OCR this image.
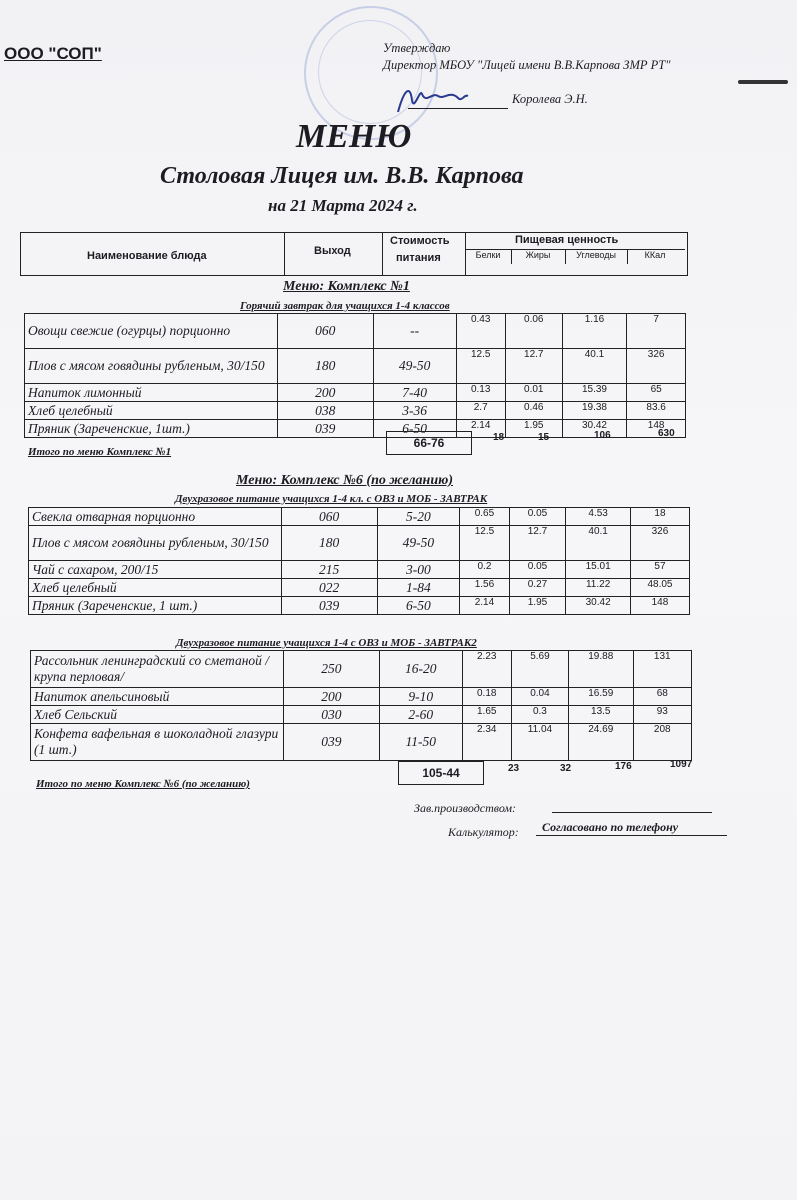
ООО "СОП"	Утверждаю
Директор МБОУ "Лицей имени В.В.Карпова ЗМР РТ"
Королева Э.Н.
МЕНЮ
Столовая Лицея им. В.В. Карпова
на 21 Марта 2024 г.
Наименование блюда	Выход
Стоимость
питания
Пищевая ценность
Белки	Жиры	Углеводы	ККал
Меню: Комплекс №1
Горячий завтрак для учащихся 1-4 классов
Овощи свежие (огурцы) порционно	060	--	0.43	0.06	1.16	7
Плов с мясом говядины рубленым, 30/150	180	49-50	12.5	12.7	40.1	326
Напиток лимонный	200	7-40	0.13	0.01	15.39	65
Хлеб целебный	038	3-36	2.7	0.46	19.38	83.6
Пряник (Зареченские, 1шт.)	039	6-50	2.14	1.95	30.42	148
Итого по меню Комплекс №1
66-76	18	15	106	630
Меню: Комплекс №6 (по желанию)
Двухразовое питание учащихся 1-4 кл. с ОВЗ и МОБ - ЗАВТРАК
Свекла отварная порционно	060	5-20	0.65	0.05	4.53	18
Плов с мясом говядины рубленым, 30/150	180	49-50	12.5	12.7	40.1	326
Чай с сахаром, 200/15	215	3-00	0.2	0.05	15.01	57
Хлеб целебный	022	1-84	1.56	0.27	11.22	48.05
Пряник (Зареченские, 1 шт.)	039	6-50	2.14	1.95	30.42	148
Двухразовое питание учащихся 1-4 с ОВЗ и МОБ - ЗАВТРАК2
Рассольник ленинградский со сметаной /крупа перловая/	250	16-20	2.23	5.69	19.88	131
Напиток апельсиновый	200	9-10	0.18	0.04	16.59	68
Хлеб Сельский	030	2-60	1.65	0.3	13.5	93
Конфета вафельная в шоколадной глазури (1 шт.)	039	11-50	2.34	11.04	24.69	208
Итого по меню Комплекс №6 (по желанию)
105-44	23	32	176	1097
Зав.производством:
Калькулятор:	Согласовано по телефону
